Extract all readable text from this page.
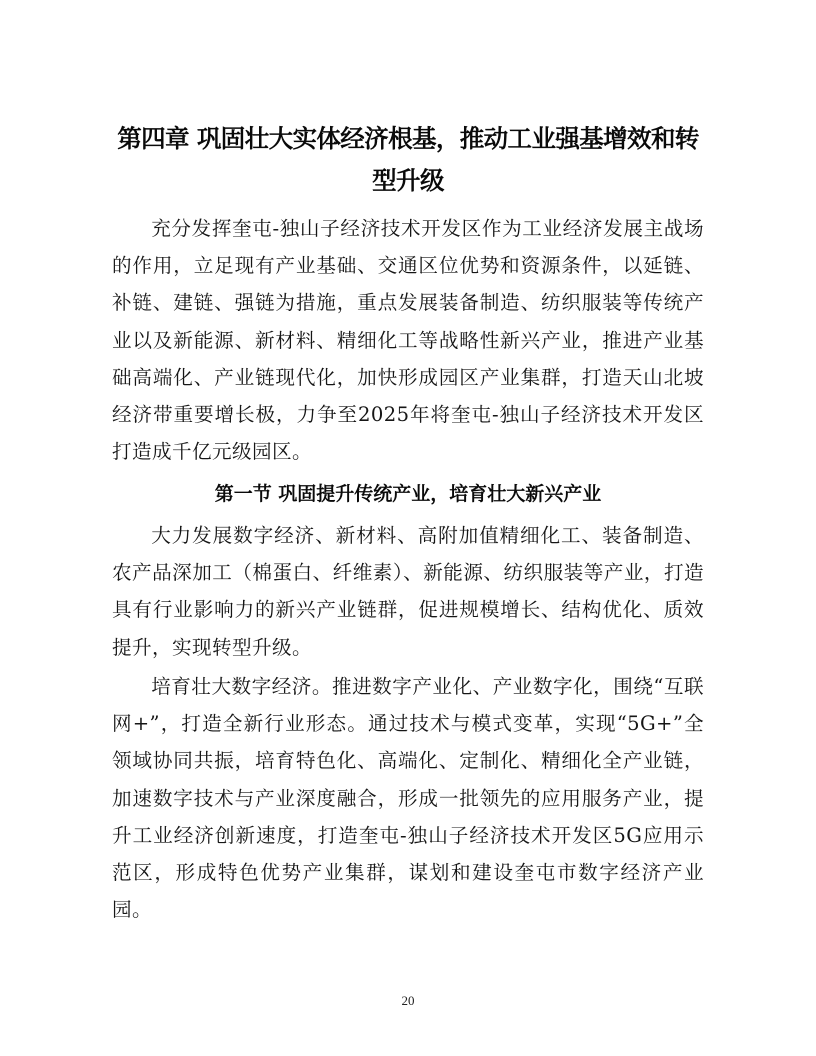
第四章 巩固壮大实体经济根基，推动工业强基增效和转型升级

充分发挥奎屯-独山子经济技术开发区作为工业经济发展主战场的作用，立足现有产业基础、交通区位优势和资源条件，以延链、补链、建链、强链为措施，重点发展装备制造、纺织服装等传统产业以及新能源、新材料、精细化工等战略性新兴产业，推进产业基础高端化、产业链现代化，加快形成园区产业集群，打造天山北坡经济带重要增长极，力争至2025年将奎屯-独山子经济技术开发区打造成千亿元级园区。

第一节 巩固提升传统产业，培育壮大新兴产业

大力发展数字经济、新材料、高附加值精细化工、装备制造、农产品深加工（棉蛋白、纤维素）、新能源、纺织服装等产业，打造具有行业影响力的新兴产业链群，促进规模增长、结构优化、质效提升，实现转型升级。

培育壮大数字经济。推进数字产业化、产业数字化，围绕“互联网+”，打造全新行业形态。通过技术与模式变革，实现“5G+”全领域协同共振，培育特色化、高端化、定制化、精细化全产业链，加速数字技术与产业深度融合，形成一批领先的应用服务产业，提升工业经济创新速度，打造奎屯-独山子经济技术开发区5G应用示范区，形成特色优势产业集群，谋划和建设奎屯市数字经济产业园。

20
